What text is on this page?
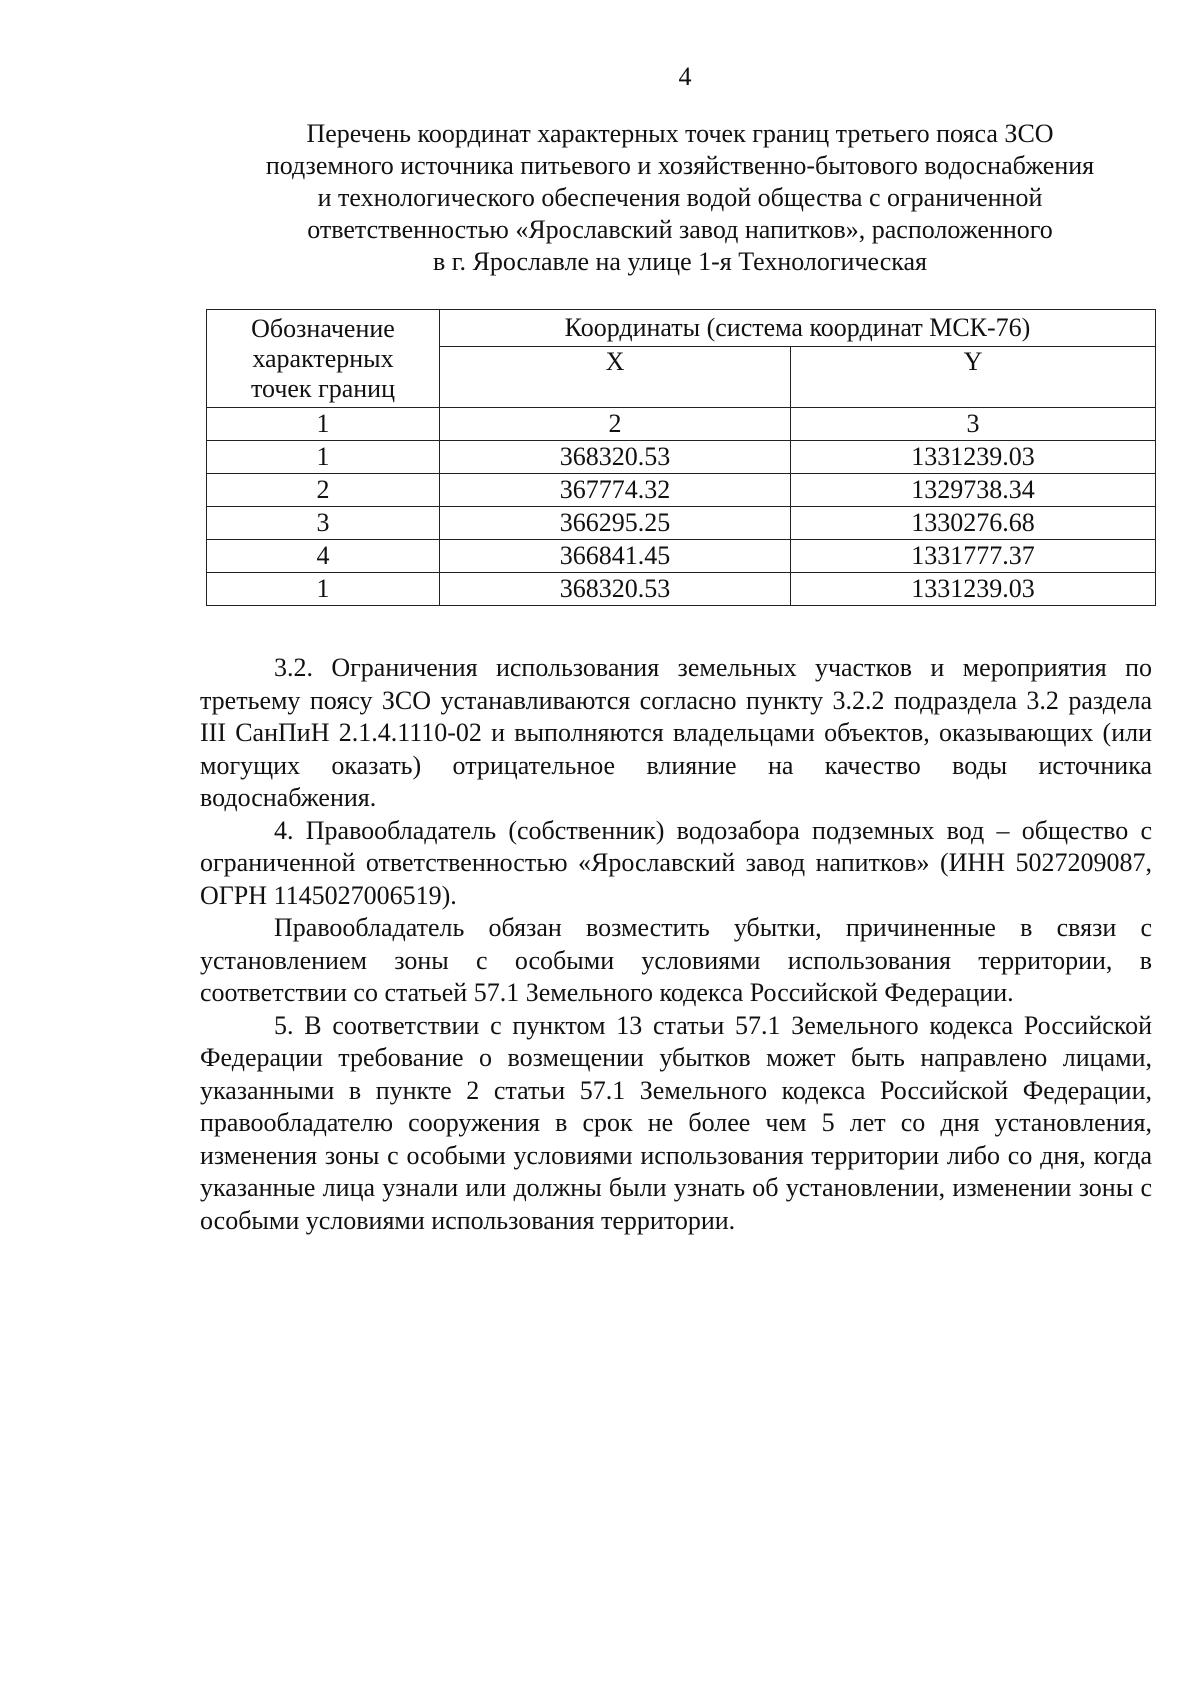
4
Перечень координат характерных точек границ третьего пояса ЗСО
подземного источника питьевого и хозяйственно-бытового водоснабжения
и технологического обеспечения водой общества с ограниченной
ответственностью «Ярославский завод напитков», расположенного
в г. Ярославле на улице 1-я Технологическая
Обозначение
характерных
точек границ	Координаты (система координат МСК-76)	
	X	Y
1	2	3
1	368320.53	1331239.03
2	367774.32	1329738.34
3	366295.25	1330276.68
4	366841.45	1331777.37
1	368320.53	1331239.03

3.2. Ограничения использования земельных участков и мероприятия по третьему поясу ЗСО устанавливаются согласно пункту 3.2.2 подраздела 3.2 раздела III СанПиН 2.1.4.1110-02 и выполняются владельцами объектов, оказывающих (или могущих оказать) отрицательное влияние на качество воды источника водоснабжения.

4. Правообладатель (собственник) водозабора подземных вод – общество с ограниченной ответственностью «Ярославский завод напитков» (ИНН 5027209087, ОГРН 1145027006519).

Правообладатель обязан возместить убытки, причиненные в связи с установлением зоны с особыми условиями использования территории, в соответствии со статьей 57.1 Земельного кодекса Российской Федерации.

5. В соответствии с пунктом 13 статьи 57.1 Земельного кодекса Российской Федерации требование о возмещении убытков может быть направлено лицами, указанными в пункте 2 статьи 57.1 Земельного кодекса Российской Федерации, правообладателю сооружения в срок не более чем 5 лет со дня установления, изменения зоны с особыми условиями использования территории либо со дня, когда указанные лица узнали или должны были узнать об установлении, изменении зоны с особыми условиями использования территории.
